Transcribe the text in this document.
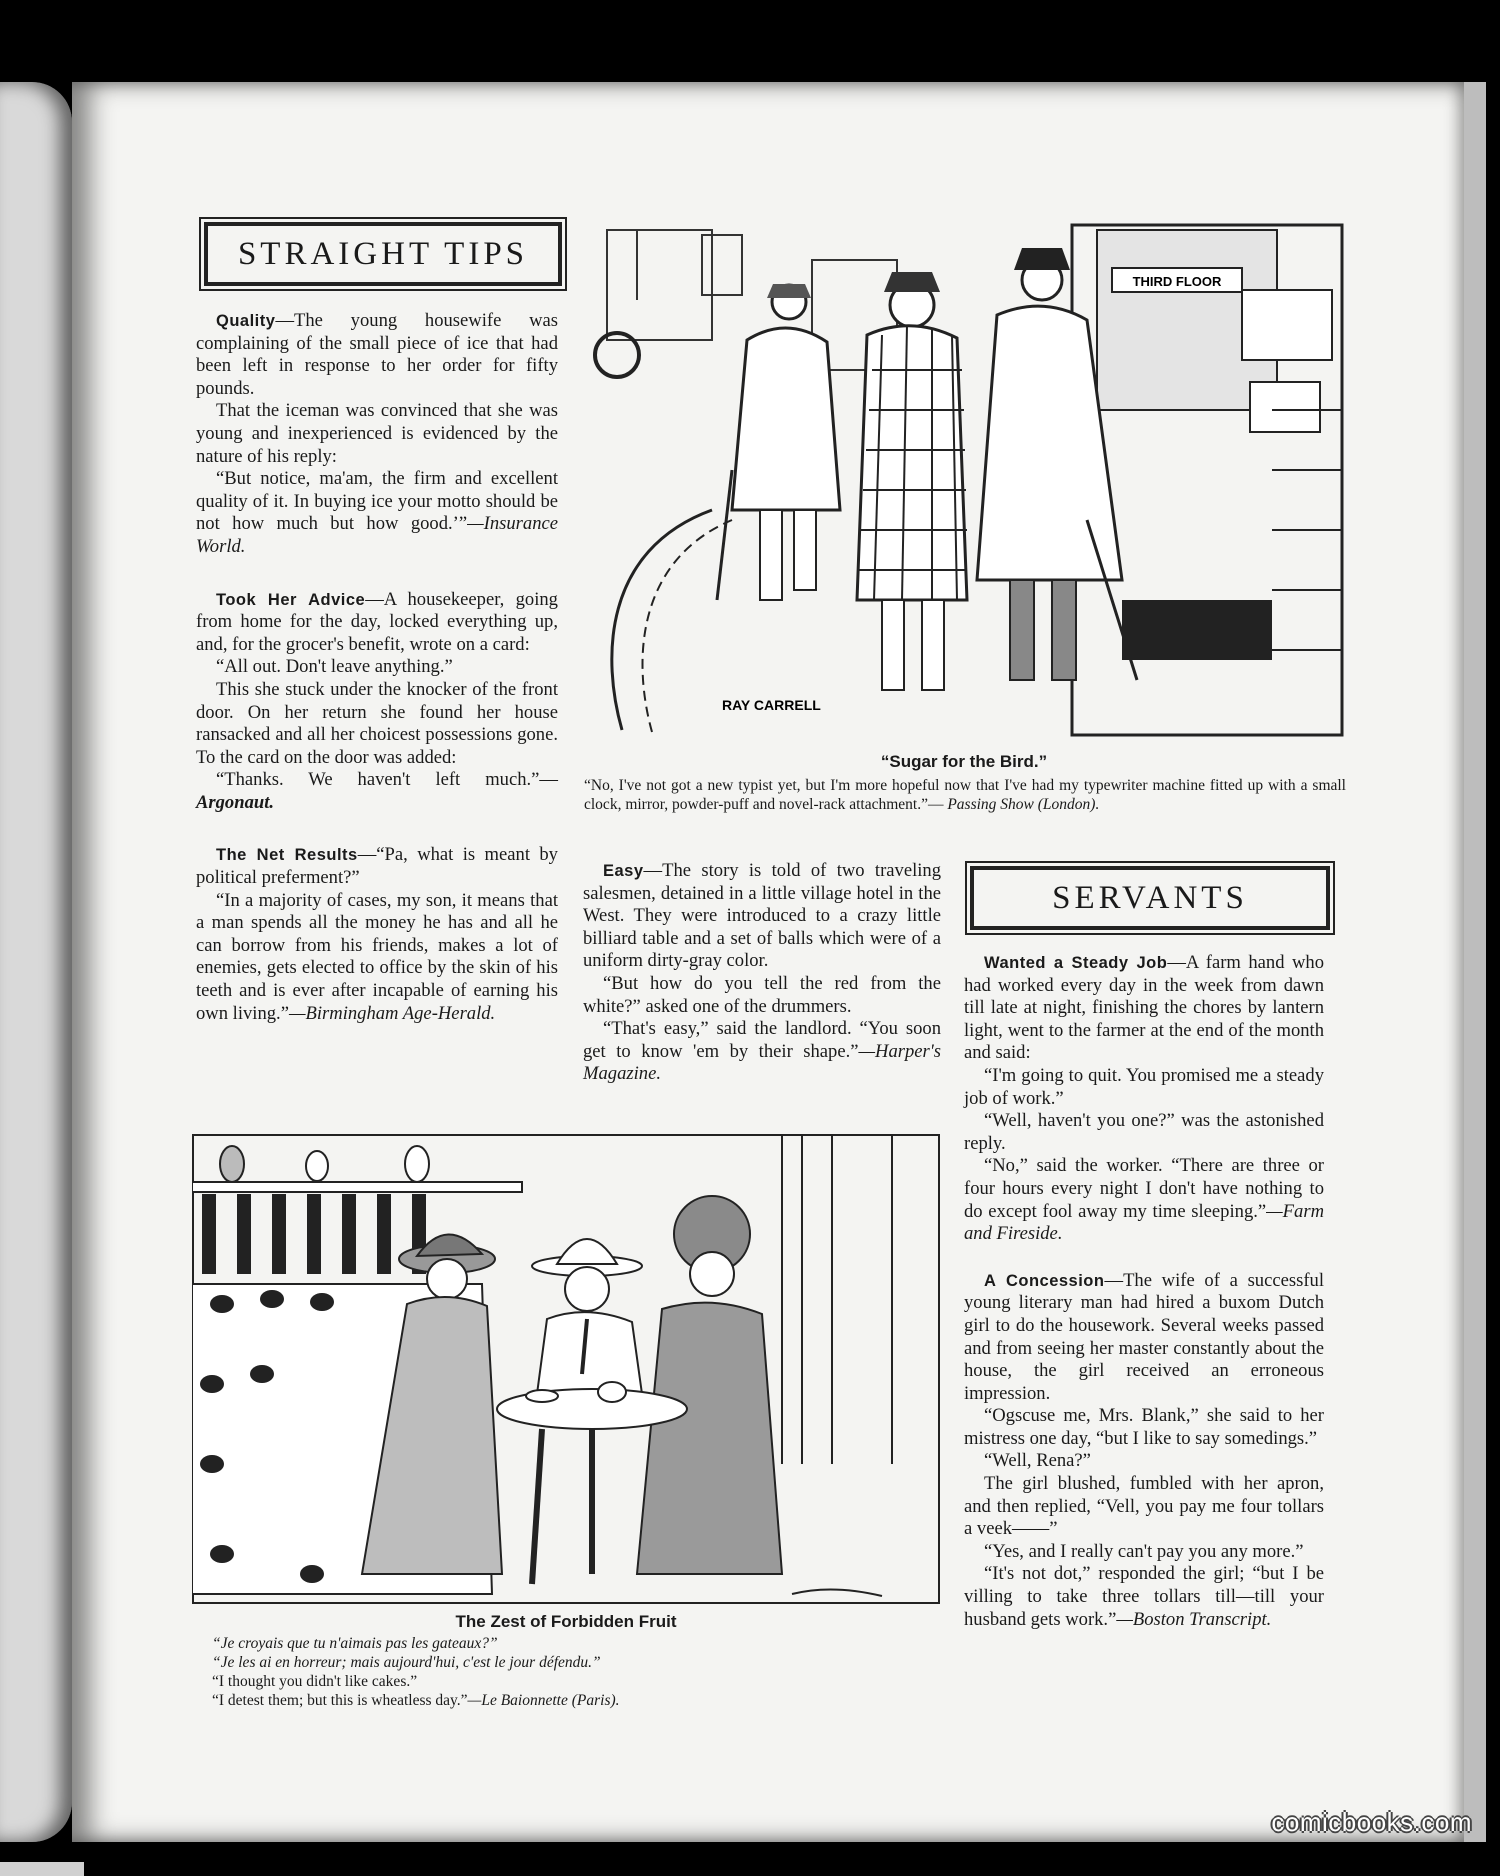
STRAIGHT TIPS

Quality—The young housewife was complaining of the small piece of ice that had been left in response to her order for fifty pounds.

That the iceman was convinced that she was young and inexperienced is evidenced by the nature of his reply:

“But notice, ma'am, the firm and excellent quality of it. In buying ice your motto should be not how much but how good.’”—Insurance World.

Took Her Advice—A housekeeper, going from home for the day, locked everything up, and, for the grocer's benefit, wrote on a card:

“All out. Don't leave anything.”

This she stuck under the knocker of the front door. On her return she found her house ransacked and all her choicest possessions gone. To the card on the door was added:

“Thanks. We haven't left much.”— Argonaut.

The Net Results—“Pa, what is meant by political preferment?”

“In a majority of cases, my son, it means that a man spends all the money he has and all he can borrow from his friends, makes a lot of enemies, gets elected to office by the skin of his teeth and is ever after incapable of earning his own living.”—Birmingham Age-Herald.

THIRD FLOOR
RAY CARRELL
“Sugar for the Bird.”
“No, I've not got a new typist yet, but I'm more hopeful now that I've had my typewriter machine fitted up with a small clock, mirror, powder-puff and novel-rack attachment.”— Passing Show (London).

Easy—The story is told of two traveling salesmen, detained in a little village hotel in the West. They were introduced to a crazy little billiard table and a set of balls which were of a uniform dirty-gray color.

“But how do you tell the red from the white?” asked one of the drummers.

“That's easy,” said the landlord. “You soon get to know 'em by their shape.”—Harper's Magazine.

SERVANTS

Wanted a Steady Job—A farm hand who had worked every day in the week from dawn till late at night, finishing the chores by lantern light, went to the farmer at the end of the month and said:

“I'm going to quit. You promised me a steady job of work.”

“Well, haven't you one?” was the astonished reply.

“No,” said the worker. “There are three or four hours every night I don't have nothing to do except fool away my time sleeping.”—Farm and Fireside.

A Concession—The wife of a successful young literary man had hired a buxom Dutch girl to do the housework. Several weeks passed and from seeing her master constantly about the house, the girl received an erroneous impression.

“Ogscuse me, Mrs. Blank,” she said to her mistress one day, “but I like to say somedings.”

“Well, Rena?”

The girl blushed, fumbled with her apron, and then replied, “Vell, you pay me four tollars a veek——”

“Yes, and I really can't pay you any more.”

“It's not dot,” responded the girl; “but I be villing to take three tollars till—till your husband gets work.”—Boston Transcript.

The Zest of Forbidden Fruit
“Je croyais que tu n'aimais pas les gateaux?”
“Je les ai en horreur; mais aujourd'hui, c'est le jour défendu.”
“I thought you didn't like cakes.”
“I detest them; but this is wheatless day.”—Le Baionnette (Paris).
comicbooks.com
